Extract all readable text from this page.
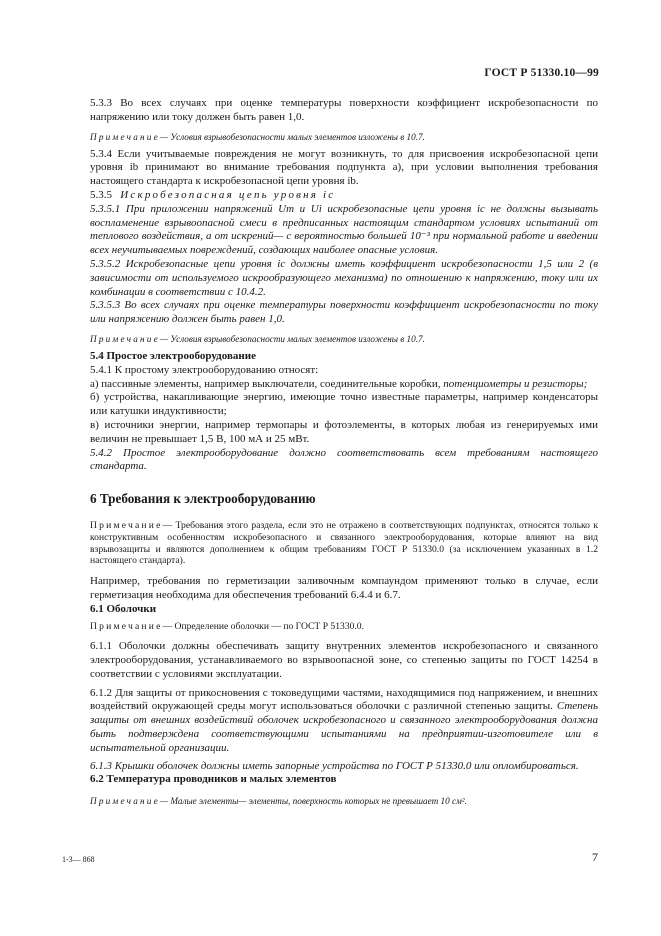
ГОСТ Р 51330.10—99

5.3.3 Во всех случаях при оценке температуры поверхности коэффициент искробезопасности по напряжению или току должен быть равен 1,0.

Примечание— Условия взрывобезопасности малых элементов изложены в 10.7.

5.3.4 Если учитываемые повреждения не могут возникнуть, то для присвоения искробезопасной цепи уровня ib принимают во внимание требования подпункта а), при условии выполнения требования настоящего стандарта к искробезопасной цепи уровня ib.

5.3.5 Искробезопасная цепь уровня ic

5.3.5.1 При приложении напряжений Um и Ui искробезопасные цепи уровня ic не должны вызывать воспламенение взрывоопасной смеси в предписанных настоящим стандартом условиях испытаний от теплового воздействия, а от искрений— с вероятностью большей 10⁻³ при нормальной работе и введении всех неучитываемых повреждений, создающих наиболее опасные условия.

5.3.5.2 Искробезопасные цепи уровня ic должны иметь коэффициент искробезопасности 1,5 или 2 (в зависимости от используемого искрообразующего механизма) по отношению к напряжению, току или их комбинации в соответствии с 10.4.2.

5.3.5.3 Во всех случаях при оценке температуры поверхности коэффициент искробезопасности по току или напряжению должен быть равен 1,0.

Примечание— Условия взрывобезопасности малых элементов изложены в 10.7.

5.4 Простое электрооборудование

5.4.1 К простому электрооборудованию относят:

а) пассивные элементы, например выключатели, соединительные коробки, потенциометры и резисторы;

б) устройства, накапливающие энергию, имеющие точно известные параметры, например конденсаторы или катушки индуктивности;

в) источники энергии, например термопары и фотоэлементы, в которых любая из генерируемых ими величин не превышает 1,5 В, 100 мА и 25 мВт.

5.4.2 Простое электрооборудование должно соответствовать всем требованиям настоящего стандарта.

6 Требования к электрооборудованию

Примечание— Требования этого раздела, если это не отражено в соответствующих подпунктах, относятся только к конструктивным особенностям искробезопасного и связанного электрооборудования, которые влияют на вид взрывозащиты и являются дополнением к общим требованиям ГОСТ Р 51330.0 (за исключением указанных в 1.2 настоящего стандарта).

Например, требования по герметизации заливочным компаундом применяют только в случае, если герметизация необходима для обеспечения требований 6.4.4 и 6.7.

6.1 Оболочки

Примечание— Определение оболочки — по ГОСТ Р 51330.0.

6.1.1 Оболочки должны обеспечивать защиту внутренних элементов искробезопасного и связанного электрооборудования, устанавливаемого во взрывоопасной зоне, со степенью защиты по ГОСТ 14254 в соответствии с условиями эксплуатации.

6.1.2 Для защиты от прикосновения с токоведущими частями, находящимися под напряжением, и внешних воздействий окружающей среды могут использоваться оболочки с различной степенью защиты. Степень защиты от внешних воздействий оболочек искробезопасного и связанного электрооборудования должна быть подтверждена соответствующими испытаниями на предприятии-изготовителе или в испытательной организации.

6.1.3 Крышки оболочек должны иметь запорные устройства по ГОСТ Р 51330.0 или опломбироваться.

6.2 Температура проводников и малых элементов

Примечание— Малые элементы— элементы, поверхность которых не превышает 10 см².

1-3— 868	7
